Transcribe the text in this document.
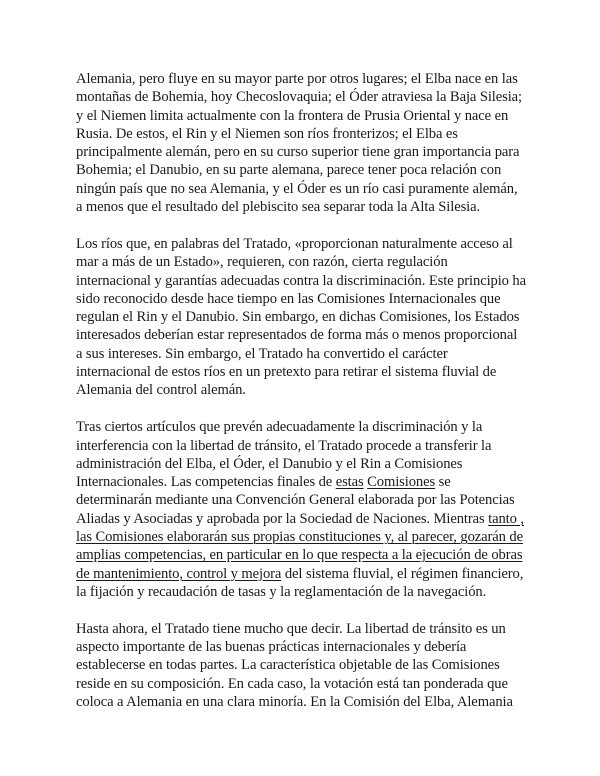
Alemania, pero fluye en su mayor parte por otros lugares; el Elba nace en las montañas de Bohemia, hoy Checoslovaquia; el Óder atraviesa la Baja Silesia; y el Niemen limita actualmente con la frontera de Prusia Oriental y nace en Rusia. De estos, el Rin y el Niemen son ríos fronterizos; el Elba es principalmente alemán, pero en su curso superior tiene gran importancia para Bohemia; el Danubio, en su parte alemana, parece tener poca relación con ningún país que no sea Alemania, y el Óder es un río casi puramente alemán, a menos que el resultado del plebiscito sea separar toda la Alta Silesia.

Los ríos que, en palabras del Tratado, «proporcionan naturalmente acceso al mar a más de un Estado», requieren, con razón, cierta regulación internacional y garantías adecuadas contra la discriminación. Este principio ha sido reconocido desde hace tiempo en las Comisiones Internacionales que regulan el Rin y el Danubio. Sin embargo, en dichas Comisiones, los Estados interesados deberían estar representados de forma más o menos proporcional a sus intereses. Sin embargo, el Tratado ha convertido el carácter internacional de estos ríos en un pretexto para retirar el sistema fluvial de Alemania del control alemán.

Tras ciertos artículos que prevén adecuadamente la discriminación y la interferencia con la libertad de tránsito, el Tratado procede a transferir la administración del Elba, el Óder, el Danubio y el Rin a Comisiones Internacionales. Las competencias finales de estas Comisiones se determinarán mediante una Convención General elaborada por las Potencias Aliadas y Asociadas y aprobada por la Sociedad de Naciones. Mientras tanto , las Comisiones elaborarán sus propias constituciones y, al parecer, gozarán de amplias competencias, en particular en lo que respecta a la ejecución de obras de mantenimiento, control y mejora del sistema fluvial, el régimen financiero, la fijación y recaudación de tasas y la reglamentación de la navegación.

Hasta ahora, el Tratado tiene mucho que decir. La libertad de tránsito es un aspecto importante de las buenas prácticas internacionales y debería establecerse en todas partes. La característica objetable de las Comisiones reside en su composición. En cada caso, la votación está tan ponderada que coloca a Alemania en una clara minoría. En la Comisión del Elba, Alemania
